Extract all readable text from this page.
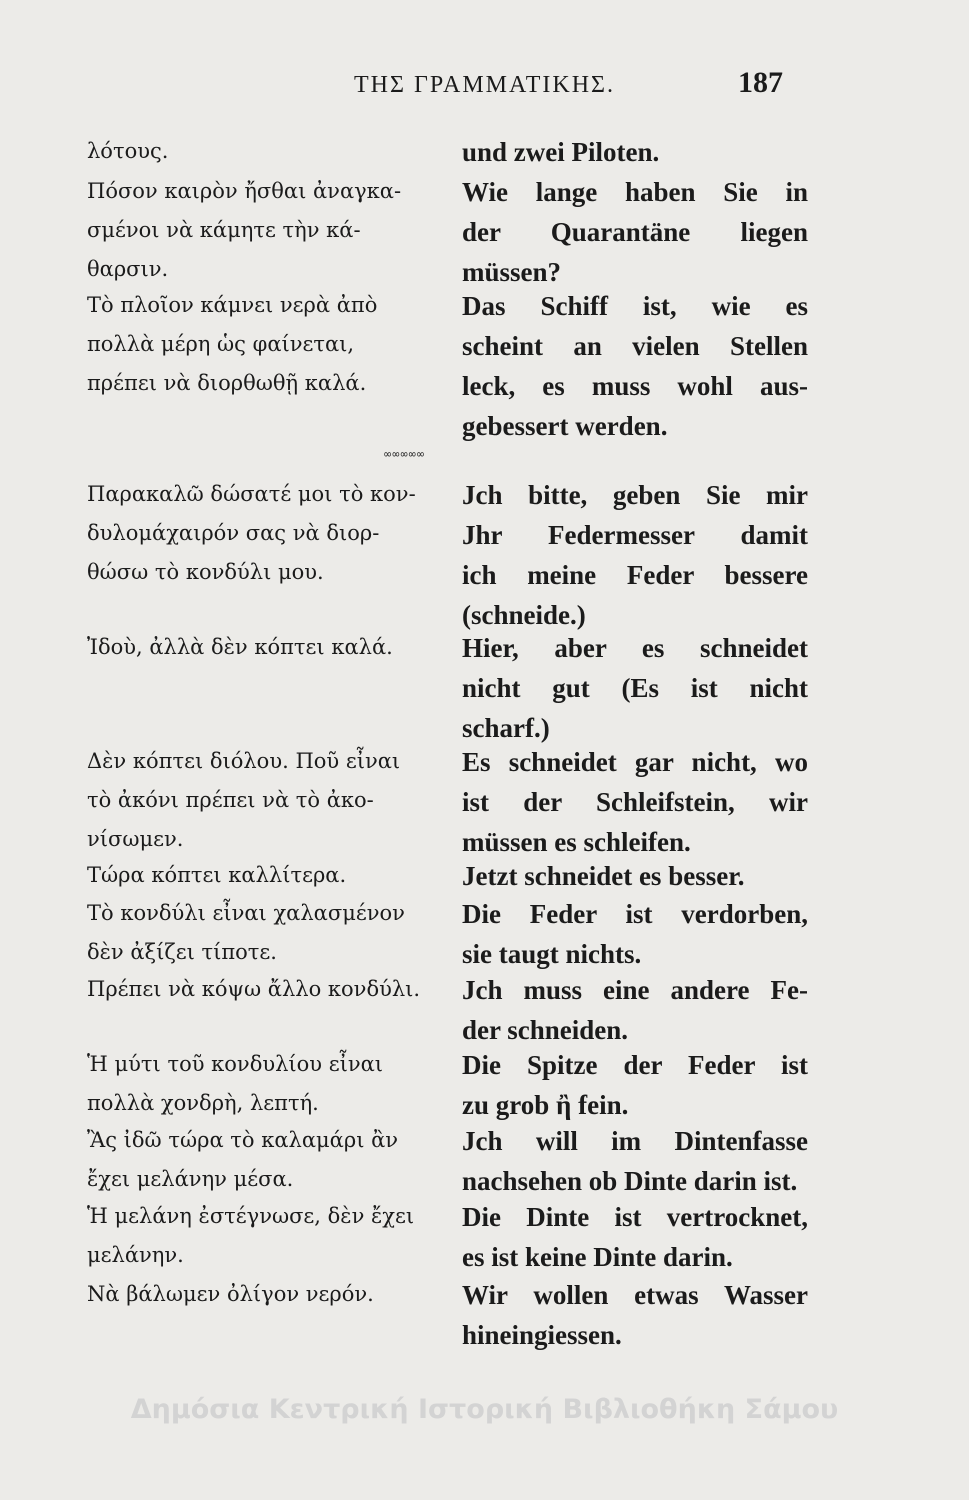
ΤΗΣ ΓΡΑΜΜΑΤΙΚΗΣ.	187
λότους.	und zwei Piloten.
Πόσον καιρὸν ἤσθαι ἀναγκα-
σμένοι νὰ κάμητε τὴν κά-
θαρσιν.
Wie lange haben Sie in
der Quarantäne liegen
müssen?
Τὸ πλοῖον κάμνει νερὰ ἀπὸ
πολλὰ μέρη ὡς φαίνεται,
πρέπει νὰ διορθωθῇ καλά.
Das Schiff ist, wie es
scheint an vielen Stellen
leck, es muss wohl aus-
gebessert werden.
∞∞∞∞∞
Παρακαλῶ δώσατέ μοι τὸ κον-
δυλομάχαιρόν σας νὰ διορ-
θώσω τὸ κονδύλι μου.
Jch bitte, geben Sie mir
Jhr Federmesser damit
ich meine Feder bessere
(schneide.)
Ἰδοὺ, ἀλλὰ δὲν κόπτει καλά.	Hier, aber es schneidet
nicht gut (Es ist nicht
scharf.)
Δὲν κόπτει διόλου. Ποῦ εἶναι
τὸ ἀκόνι πρέπει νὰ τὸ ἀκο-
νίσωμεν.
Es schneidet gar nicht, wo
ist der Schleifstein, wir
müssen es schleifen.
Τώρα κόπτει καλλίτερα.	Jetzt schneidet es besser.
Τὸ κονδύλι εἶναι χαλασμένον
δὲν ἀξίζει τίποτε.
Die Feder ist verdorben,
sie taugt nichts.
Πρέπει νὰ κόψω ἄλλο κονδύλι.	Jch muss eine andere Fe-
der schneiden.
Ἡ μύτι τοῦ κονδυλίου εἶναι
πολλὰ χονδρὴ, λεπτή.
Die Spitze der Feder ist
zu grob ἢ fein.
Ἂς ἰδῶ τώρα τὸ καλαμάρι ἂν
ἔχει μελάνην μέσα.
Jch will im Dintenfasse
nachsehen ob Dinte darin ist.
Ἡ μελάνη ἐστέγνωσε, δὲν ἔχει
μελάνην.
Die Dinte ist vertrocknet,
es ist keine Dinte darin.
Νὰ βάλωμεν ὀλίγον νερόν.	Wir wollen etwas Wasser
hineingiessen.
Δημόσια Κεντρική Ιστορική Βιβλιοθήκη Σάμου
